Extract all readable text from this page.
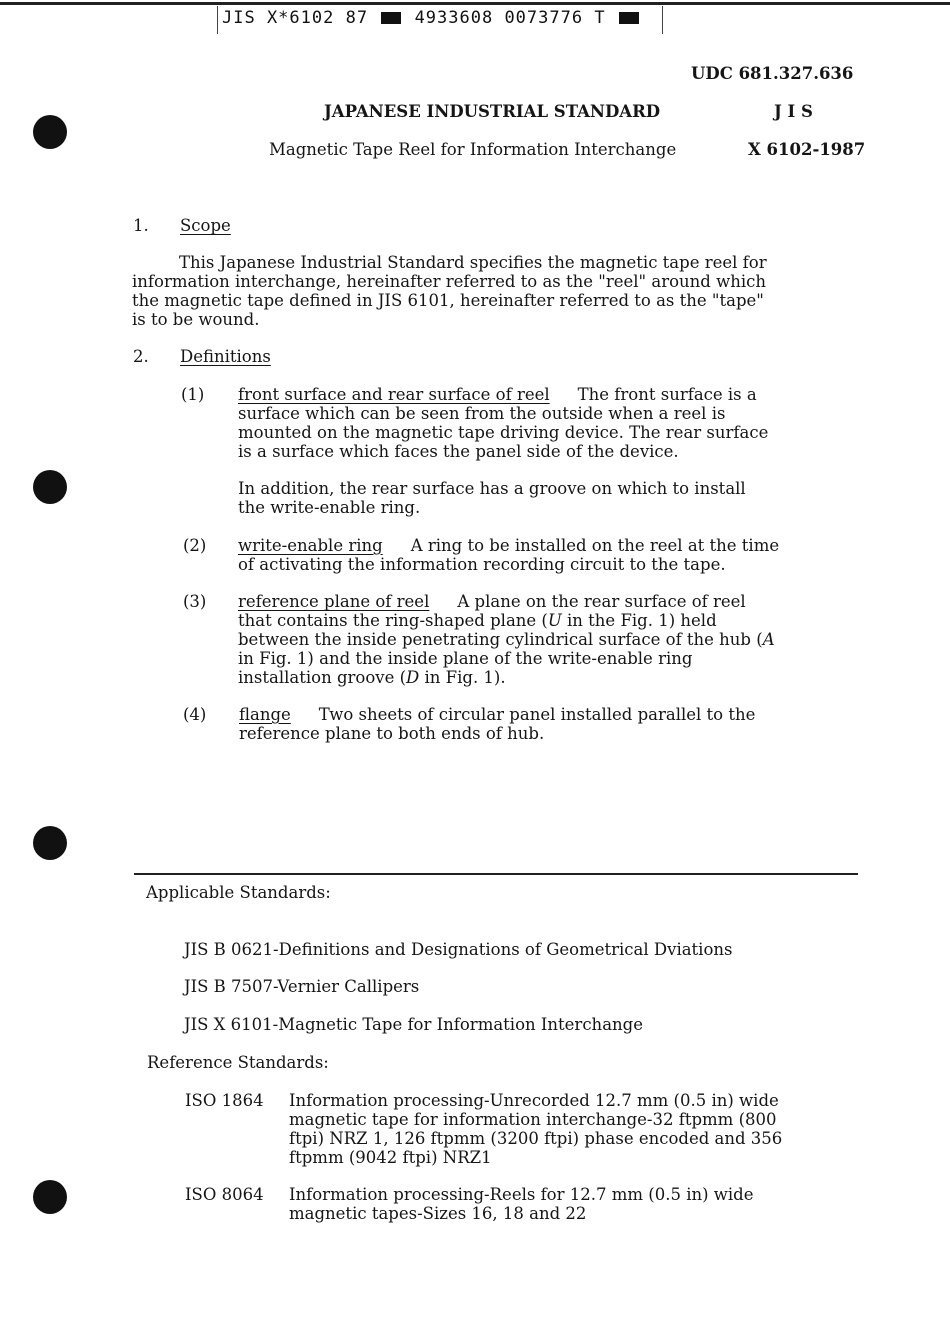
JIS X*6102 87	4933608 0073776 T
UDC 681.327.636
JAPANESE INDUSTRIAL STANDARD	J I S
Magnetic Tape Reel for Information Interchange	X 6102-1987
1. Scope
This Japanese Industrial Standard specifies the magnetic tape reel for
information interchange, hereinafter referred to as the "reel" around which
the magnetic tape defined in JIS 6101, hereinafter referred to as the "tape"
is to be wound.
2. Definitions
(1) front surface and rear surface of reel The front surface is a
surface which can be seen from the outside when a reel is
mounted on the magnetic tape driving device. The rear surface
is a surface which faces the panel side of the device.
In addition, the rear surface has a groove on which to install
the write-enable ring.
(2) write-enable ring A ring to be installed on the reel at the time
of activating the information recording circuit to the tape.
(3) reference plane of reel A plane on the rear surface of reel
that contains the ring-shaped plane (U in the Fig. 1) held
between the inside penetrating cylindrical surface of the hub (A
in Fig. 1) and the inside plane of the write-enable ring
installation groove (D in Fig. 1).
(4) flange Two sheets of circular panel installed parallel to the
reference plane to both ends of hub.
Applicable Standards:
JIS B 0621-Definitions and Designations of Geometrical Dviations
JIS B 7507-Vernier Callipers
JIS X 6101-Magnetic Tape for Information Interchange
Reference Standards:
ISO 1864 Information processing-Unrecorded 12.7 mm (0.5 in) wide
magnetic tape for information interchange-32 ftpmm (800
ftpi) NRZ 1, 126 ftpmm (3200 ftpi) phase encoded and 356
ftpmm (9042 ftpi) NRZ1
ISO 8064 Information processing-Reels for 12.7 mm (0.5 in) wide
magnetic tapes-Sizes 16, 18 and 22
